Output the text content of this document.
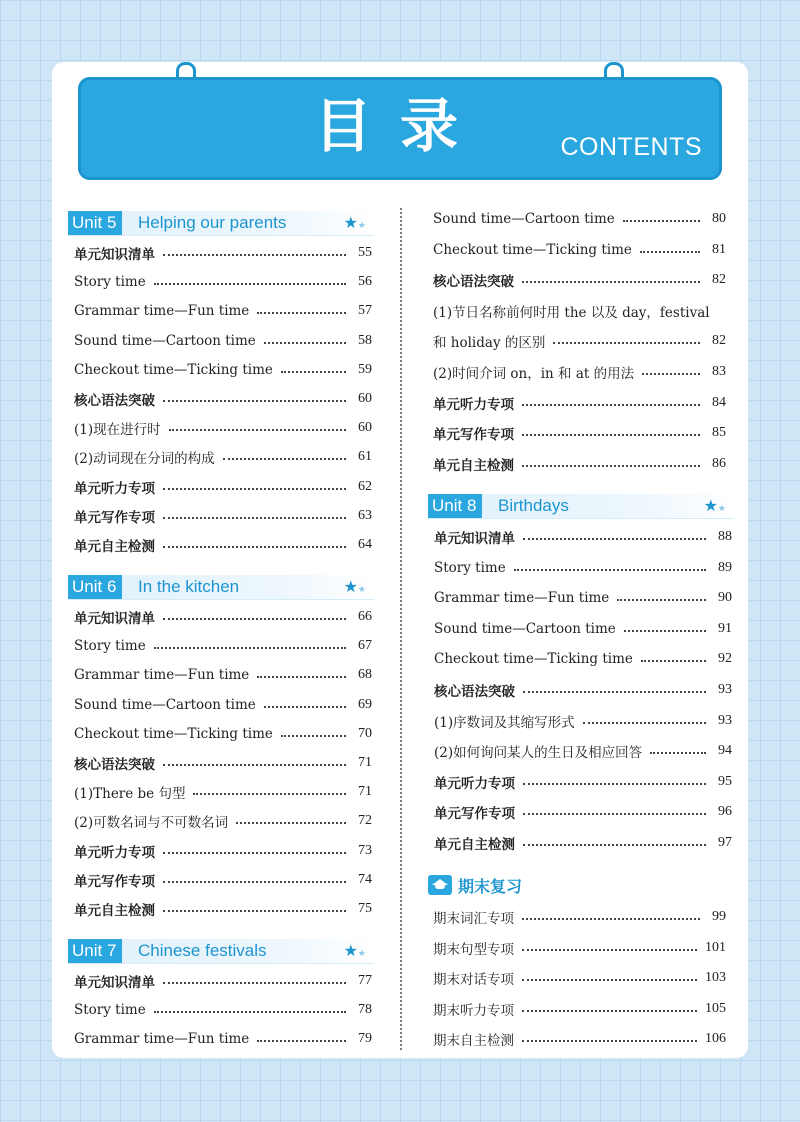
目录	CONTENTS
Unit 5	Helping our parents	★★
单元知识清单	55
Story time	56
Grammar time—Fun time	57
Sound time—Cartoon time	58
Checkout time—Ticking time	59
核心语法突破	60
(1)现在进行时	60
(2)动词现在分词的构成	61
单元听力专项	62
单元写作专项	63
单元自主检测	64
Unit 6	In the kitchen	★★
单元知识清单	66
Story time	67
Grammar time—Fun time	68
Sound time—Cartoon time	69
Checkout time—Ticking time	70
核心语法突破	71
(1)There be 句型	71
(2)可数名词与不可数名词	72
单元听力专项	73
单元写作专项	74
单元自主检测	75
Unit 7	Chinese festivals	★★
单元知识清单	77
Story time	78
Grammar time—Fun time	79
Sound time—Cartoon time	80
Checkout time—Ticking time	81
核心语法突破	82
(1)节日名称前何时用 the 以及 day，festival
和 holiday 的区别	82
(2)时间介词 on，in 和 at 的用法	83
单元听力专项	84
单元写作专项	85
单元自主检测	86
Unit 8	Birthdays	★★
单元知识清单	88
Story time	89
Grammar time—Fun time	90
Sound time—Cartoon time	91
Checkout time—Ticking time	92
核心语法突破	93
(1)序数词及其缩写形式	93
(2)如何询问某人的生日及相应回答	94
单元听力专项	95
单元写作专项	96
单元自主检测	97
期末词汇专项	99
期末句型专项	101
期末对话专项	103
期末听力专项	105
期末自主检测	106
期末复习
